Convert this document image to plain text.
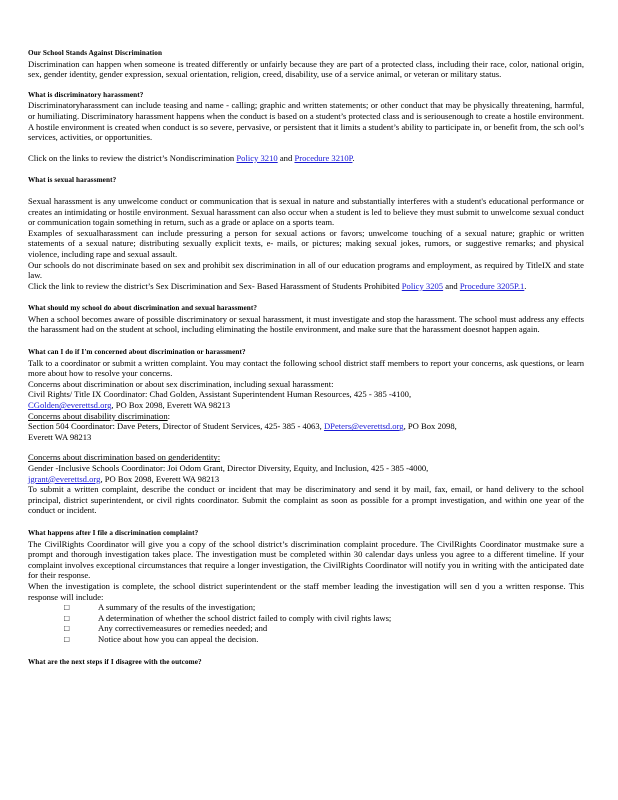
Our School Stands Against Discrimination

Discrimination can happen when someone is treated differently or unfairly because they are part of a protected class, including their race, color, national origin, sex, gender identity, gender expression, sexual orientation, religion, creed, disability, use of a service animal, or veteran or military status.

What is discriminatory harassment?

Discriminatoryharassment can include teasing and name - calling; graphic and written statements; or other conduct that may be physically threatening, harmful, or humiliating. Discriminatory harassment happens when the conduct is based on a student’s protected class and is seriousenough to create a hostile environment. A hostile environment is created when conduct is so severe, pervasive, or persistent that it limits a student’s ability to participate in, or benefit from, the sch ool’s services, activities, or opportunities.

Click on the links to review the district’s Nondiscrimination Policy 3210 and Procedure 3210P.

What is sexual harassment?

Sexual harassment is any unwelcome conduct or communication that is sexual in nature and substantially interferes with a student's educational performance or creates an intimidating or hostile environment. Sexual harassment can also occur when a student is led to believe they must submit to unwelcome sexual conduct or communication togain something in return, such as a grade or aplace on a sports team.

Examples of sexualharassment can include pressuring a person for sexual actions or favors; unwelcome touching of a sexual nature; graphic or written statements of a sexual nature; distributing sexually explicit texts, e- mails, or pictures; making sexual jokes, rumors, or suggestive remarks; and physical violence, including rape and sexual assault.

Our schools do not discriminate based on sex and prohibit sex discrimination in all of our education programs and employment, as required by TitleIX and state law.

Click the link to review the district’s Sex Discrimination and Sex- Based Harassment of Students Prohibited Policy 3205 and Procedure 3205P.1.

What should my school do about discrimination and sexual harassment?

When a school becomes aware of possible discriminatory or sexual harassment, it must investigate and stop the harassment. The school must address any effects the harassment had on the student at school, including eliminating the hostile environment, and make sure that the harassment doesnot happen again.

What can I do if I'm concerned about discrimination or harassment?

Talk to a coordinator or submit a written complaint. You may contact the following school district staff members to report your concerns, ask questions, or learn more about how to resolve your concerns.

Concerns about discrimination or about sex discrimination, including sexual harassment:

Civil Rights/ Title IX Coordinator: Chad Golden, Assistant Superintendent Human Resources, 425 - 385 -4100,

CGolden@everettsd.org, PO Box 2098, Everett WA 98213

Concerns about disability discrimination:

Section 504 Coordinator: Dave Peters, Director of Student Services, 425- 385 - 4063, DPeters@everettsd.org, PO Box 2098,

Everett WA 98213

Concerns about discrimination based on genderidentity:

Gender -Inclusive Schools Coordinator: Joi Odom Grant, Director Diversity, Equity, and Inclusion, 425 - 385 -4000,

jgrant@everettsd.org, PO Box 2098, Everett WA 98213

To submit a written complaint, describe the conduct or incident that may be discriminatory and send it by mail, fax, email, or hand delivery to the school principal, district superintendent, or civil rights coordinator. Submit the complaint as soon as possible for a prompt investigation, and within one year of the conduct or incident.

What happens after I file a discrimination complaint?

The CivilRights Coordinator will give you a copy of the school district’s discrimination complaint procedure. The CivilRights Coordinator mustmake sure a prompt and thorough investigation takes place. The investigation must be completed within 30 calendar days unless you agree to a different timeline. If your complaint involves exceptional circumstances that require a longer investigation, the CivilRights Coordinator will notify you in writing with the anticipated date for their response.

When the investigation is complete, the school district superintendent or the staff member leading the investigation will sen d you a written response. This response will include:

□	A summary of the results of the investigation;

□	A determination of whether the school district failed to comply with civil rights laws;

□	Any correctivemeasures or remedies needed; and

□	Notice about how you can appeal the decision.

What are the next steps if I disagree with the outcome?
